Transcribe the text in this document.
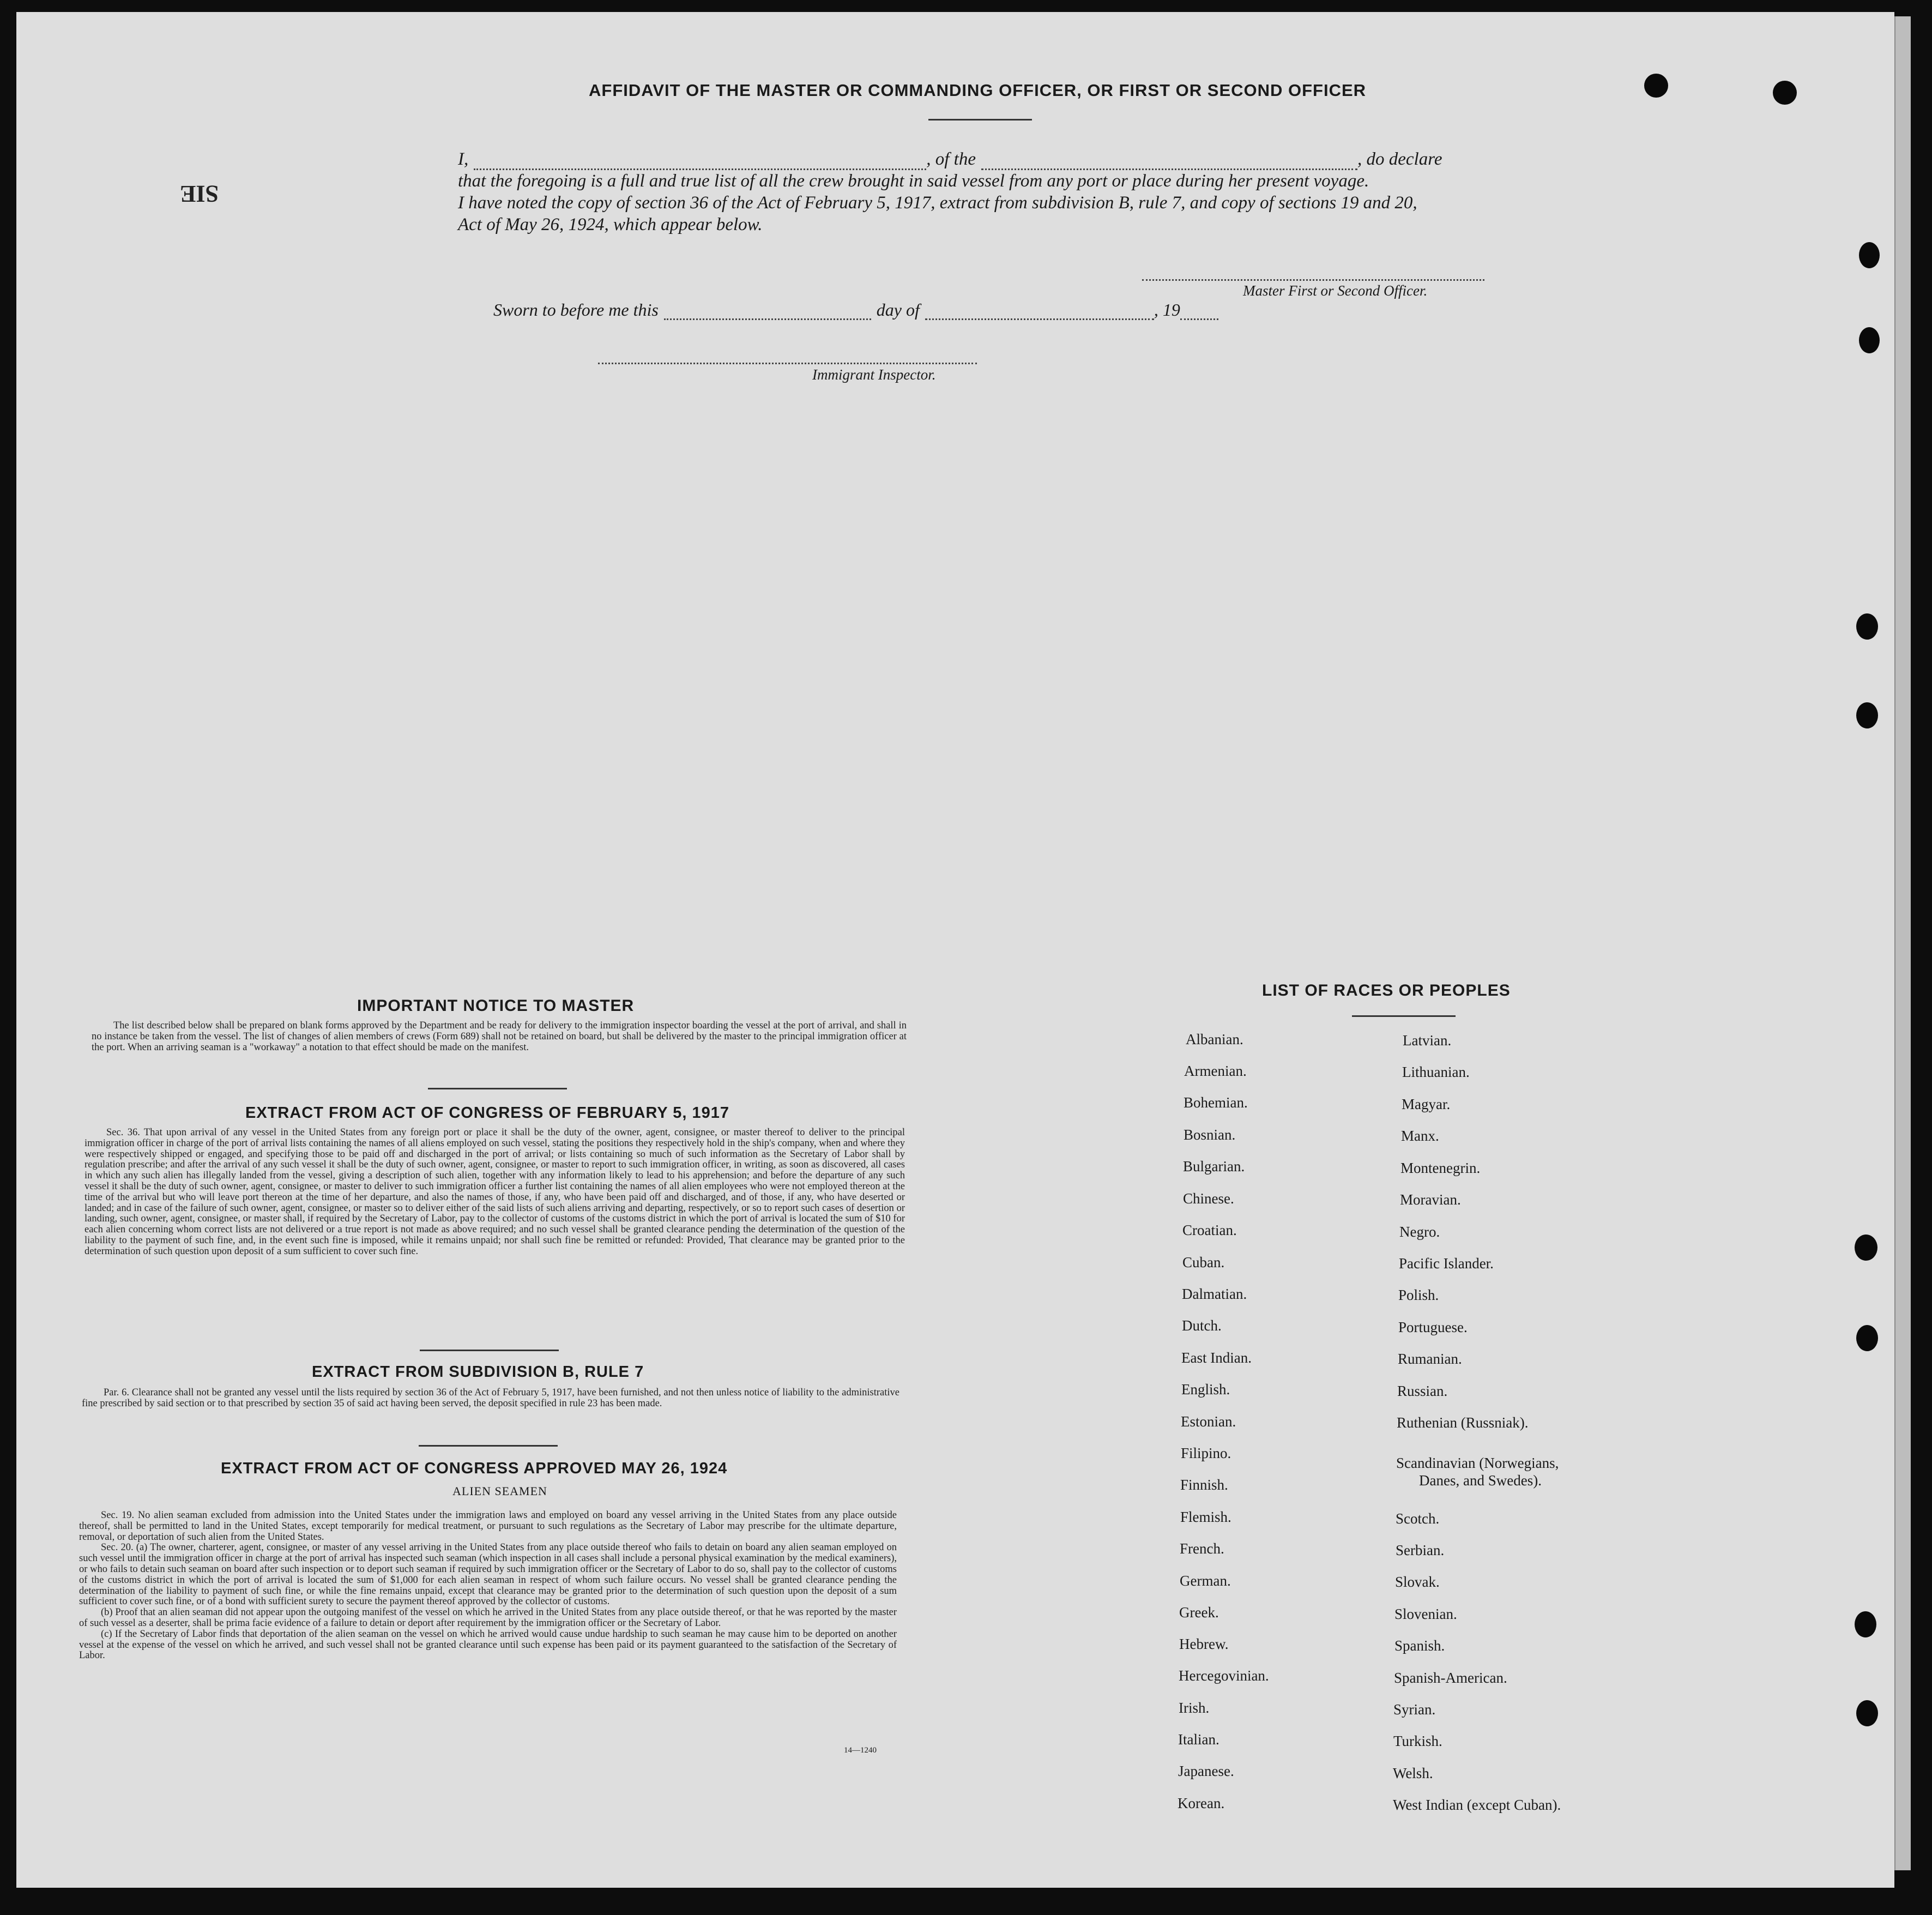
SIE
AFFIDAVIT OF THE MASTER OR COMMANDING OFFICER, OR FIRST OR SECOND OFFICER
I,	, of the	, do declare
that the foregoing is a full and true list of all the crew brought in said vessel from any port or place during her present voyage.
I have noted the copy of section 36 of the Act of February 5, 1917, extract from subdivision B, rule 7, and copy of sections 19 and 20,
Act of May 26, 1924, which appear below.
Master First or Second Officer.
Sworn to before me this	day of	, 19
Immigrant Inspector.
IMPORTANT NOTICE TO MASTER

The list described below shall be prepared on blank forms approved by the Department and be ready for delivery to the immigration inspector boarding the vessel at the port of arrival, and shall in no instance be taken from the vessel. The list of changes of alien members of crews (Form 689) shall not be retained on board, but shall be delivered by the master to the principal immigration officer at the port. When an arriving seaman is a "workaway" a notation to that effect should be made on the manifest.

EXTRACT FROM ACT OF CONGRESS OF FEBRUARY 5, 1917

Sec. 36. That upon arrival of any vessel in the United States from any foreign port or place it shall be the duty of the owner, agent, consignee, or master thereof to deliver to the principal immigration officer in charge of the port of arrival lists containing the names of all aliens employed on such vessel, stating the positions they respectively hold in the ship's company, when and where they were respectively shipped or engaged, and specifying those to be paid off and discharged in the port of arrival; or lists containing so much of such information as the Secretary of Labor shall by regulation prescribe; and after the arrival of any such vessel it shall be the duty of such owner, agent, consignee, or master to report to such immigration officer, in writing, as soon as discovered, all cases in which any such alien has illegally landed from the vessel, giving a description of such alien, together with any information likely to lead to his apprehension; and before the departure of any such vessel it shall be the duty of such owner, agent, consignee, or master to deliver to such immigration officer a further list containing the names of all alien employees who were not employed thereon at the time of the arrival but who will leave port thereon at the time of her departure, and also the names of those, if any, who have been paid off and discharged, and of those, if any, who have deserted or landed; and in case of the failure of such owner, agent, consignee, or master so to deliver either of the said lists of such aliens arriving and departing, respectively, or so to report such cases of desertion or landing, such owner, agent, consignee, or master shall, if required by the Secretary of Labor, pay to the collector of customs of the customs district in which the port of arrival is located the sum of $10 for each alien concerning whom correct lists are not delivered or a true report is not made as above required; and no such vessel shall be granted clearance pending the determination of the question of the liability to the payment of such fine, and, in the event such fine is imposed, while it remains unpaid; nor shall such fine be remitted or refunded: Provided, That clearance may be granted prior to the determination of such question upon deposit of a sum sufficient to cover such fine.

EXTRACT FROM SUBDIVISION B, RULE 7

Par. 6. Clearance shall not be granted any vessel until the lists required by section 36 of the Act of February 5, 1917, have been furnished, and not then unless notice of liability to the administrative fine prescribed by said section or to that prescribed by section 35 of said act having been served, the deposit specified in rule 23 has been made.

EXTRACT FROM ACT OF CONGRESS APPROVED MAY 26, 1924
ALIEN SEAMEN

Sec. 19. No alien seaman excluded from admission into the United States under the immigration laws and employed on board any vessel arriving in the United States from any place outside thereof, shall be permitted to land in the United States, except temporarily for medical treatment, or pursuant to such regulations as the Secretary of Labor may prescribe for the ultimate departure, removal, or deportation of such alien from the United States.

Sec. 20. (a) The owner, charterer, agent, consignee, or master of any vessel arriving in the United States from any place outside thereof who fails to detain on board any alien seaman employed on such vessel until the immigration officer in charge at the port of arrival has inspected such seaman (which inspection in all cases shall include a personal physical examination by the medical examiners), or who fails to detain such seaman on board after such inspection or to deport such seaman if required by such immigration officer or the Secretary of Labor to do so, shall pay to the collector of customs of the customs district in which the port of arrival is located the sum of $1,000 for each alien seaman in respect of whom such failure occurs. No vessel shall be granted clearance pending the determination of the liability to payment of such fine, or while the fine remains unpaid, except that clearance may be granted prior to the determination of such question upon the deposit of a sum sufficient to cover such fine, or of a bond with sufficient surety to secure the payment thereof approved by the collector of customs.

(b) Proof that an alien seaman did not appear upon the outgoing manifest of the vessel on which he arrived in the United States from any place outside thereof, or that he was reported by the master of such vessel as a deserter, shall be prima facie evidence of a failure to detain or deport after requirement by the immigration officer or the Secretary of Labor.

(c) If the Secretary of Labor finds that deportation of the alien seaman on the vessel on which he arrived would cause undue hardship to such seaman he may cause him to be deported on another vessel at the expense of the vessel on which he arrived, and such vessel shall not be granted clearance until such expense has been paid or its payment guaranteed to the satisfaction of the Secretary of Labor.

14—1240
LIST OF RACES OR PEOPLES
Albanian.
Armenian.
Bohemian.
Bosnian.
Bulgarian.
Chinese.
Croatian.
Cuban.
Dalmatian.
Dutch.
East Indian.
English.
Estonian.
Filipino.
Finnish.
Flemish.
French.
German.
Greek.
Hebrew.
Hercegovinian.
Irish.
Italian.
Japanese.
Korean.
Latvian.
Lithuanian.
Magyar.
Manx.
Montenegrin.
Moravian.
Negro.
Pacific Islander.
Polish.
Portuguese.
Rumanian.
Russian.
Ruthenian (Russniak).
Scandinavian (Norwegians,
Danes, and Swedes).
Scotch.
Serbian.
Slovak.
Slovenian.
Spanish.
Spanish-American.
Syrian.
Turkish.
Welsh.
West Indian (except Cuban).
